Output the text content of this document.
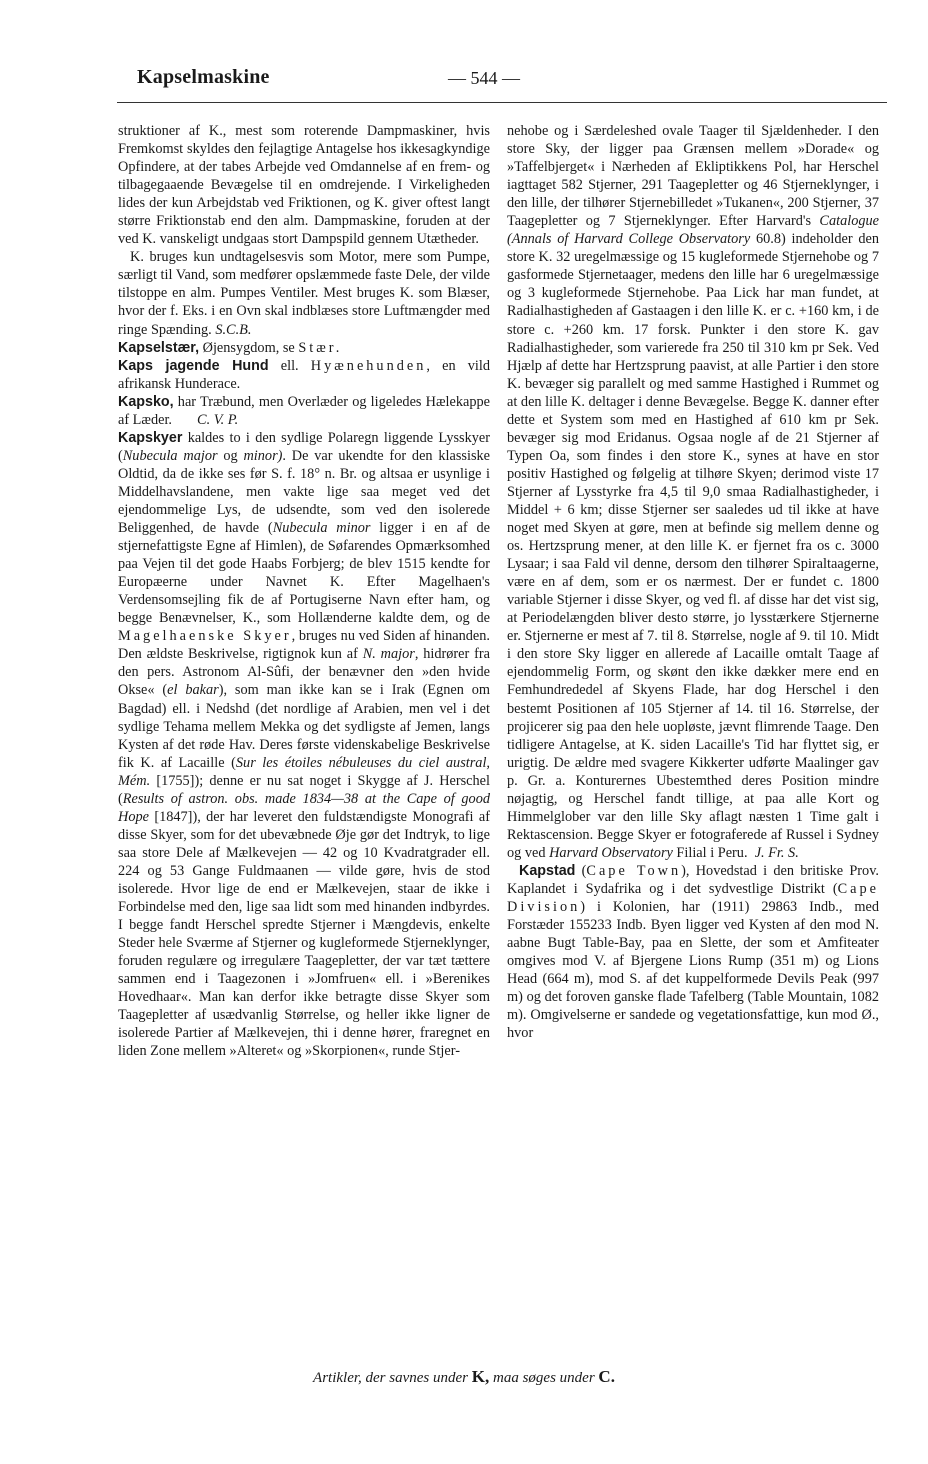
Kapselmaskine	— 544 —

struktioner af K., mest som roterende Dampmaskiner, hvis Fremkomst skyldes den fejlagtige Antagelse hos ikkesagkyndige Opfindere, at der tabes Arbejde ved Omdannelse af en frem- og tilbagegaaende Bevægelse til en omdrejende. I Virkeligheden lides der kun Arbejdstab ved Friktionen, og K. giver oftest langt større Friktionstab end den alm. Dampmaskine, foruden at der ved K. vanskeligt undgaas stort Dampspild gennem Utætheder.

K. bruges kun undtagelsesvis som Motor, mere som Pumpe, særligt til Vand, som medfører opslæmmede faste Dele, der vilde tilstoppe en alm. Pumpes Ventiler. Mest bruges K. som Blæser, hvor der f. Eks. i en Ovn skal indblæses store Luftmængder med ringe Spænding. S.C.B.

Kapselstær, Øjensygdom, se Stær.

Kaps jagende Hund ell. Hyænehunden, en vild afrikansk Hunderace.

Kapsko, har Træbund, men Overlæder og ligeledes Hælekappe af Læder. C. V. P.

Kapskyer kaldes to i den sydlige Polaregn liggende Lysskyer (Nubecula major og minor). De var ukendte for den klassiske Oldtid, da de ikke ses før S. f. 18° n. Br. og altsaa er usynlige i Middelhavslandene, men vakte lige saa meget ved det ejendommelige Lys, de udsendte, som ved den isolerede Beliggenhed, de havde (Nubecula minor ligger i en af de stjernefattigste Egne af Himlen), de Søfarendes Opmærksomhed paa Vejen til det gode Haabs Forbjerg; de blev 1515 kendte for Europæerne under Navnet K. Efter Magelhaen's Verdensomsejling fik de af Portugiserne Navn efter ham, og begge Benævnelser, K., som Hollænderne kaldte dem, og de Magelhaenske Skyer, bruges nu ved Siden af hinanden. Den ældste Beskrivelse, rigtignok kun af N. major, hidrører fra den pers. Astronom Al-Sûfi, der benævner den »den hvide Okse« (el bakar), som man ikke kan se i Irak (Egnen om Bagdad) ell. i Nedshd (det nordlige af Arabien, men vel i det sydlige Tehama mellem Mekka og det sydligste af Jemen, langs Kysten af det røde Hav. Deres første videnskabelige Beskrivelse fik K. af Lacaille (Sur les étoiles nébuleuses du ciel austral, Mém. [1755]); denne er nu sat noget i Skygge af J. Herschel (Results of astron. obs. made 1834—38 at the Cape of good Hope [1847]), der har leveret den fuldstændigste Monografi af disse Skyer, som for det ubevæbnede Øje gør det Indtryk, to lige saa store Dele af Mælkevejen — 42 og 10 Kvadratgrader ell. 224 og 53 Gange Fuldmaanen — vilde gøre, hvis de stod isolerede. Hvor lige de end er Mælkevejen, staar de ikke i Forbindelse med den, lige saa lidt som med hinanden indbyrdes. I begge fandt Herschel spredte Stjerner i Mængdevis, enkelte Steder hele Sværme af Stjerner og kugleformede Stjerneklynger, foruden regulære og irregulære Taagepletter, der var tæt tættere sammen end i Taagezonen i »Jomfruen« ell. i »Berenikes Hovedhaar«. Man kan derfor ikke betragte disse Skyer som Taagepletter af usædvanlig Størrelse, og heller ikke ligner de isolerede Partier af Mælkevejen, thi i denne hører, fraregnet en liden Zone mellem »Alteret« og »Skorpionen«, runde Stjer-

nehobe og i Særdeleshed ovale Taager til Sjældenheder. I den store Sky, der ligger paa Grænsen mellem »Dorade« og »Taffelbjerget« i Nærheden af Ekliptikkens Pol, har Herschel iagttaget 582 Stjerner, 291 Taagepletter og 46 Stjerneklynger, i den lille, der tilhører Stjernebilledet »Tukanen«, 200 Stjerner, 37 Taagepletter og 7 Stjerneklynger. Efter Harvard's Catalogue (Annals of Harvard College Observatory 60.8) indeholder den store K. 32 uregelmæssige og 15 kugleformede Stjernehobe og 7 gasformede Stjernetaager, medens den lille har 6 uregelmæssige og 3 kugleformede Stjernehobe. Paa Lick har man fundet, at Radialhastigheden af Gastaagen i den lille K. er c. +160 km, i de store c. +260 km. 17 forsk. Punkter i den store K. gav Radialhastigheder, som varierede fra 250 til 310 km pr Sek. Ved Hjælp af dette har Hertzsprung paavist, at alle Partier i den store K. bevæger sig parallelt og med samme Hastighed i Rummet og at den lille K. deltager i denne Bevægelse. Begge K. danner efter dette et System som med en Hastighed af 610 km pr Sek. bevæger sig mod Eridanus. Ogsaa nogle af de 21 Stjerner af Typen Oa, som findes i den store K., synes at have en stor positiv Hastighed og følgelig at tilhøre Skyen; derimod viste 17 Stjerner af Lysstyrke fra 4,5 til 9,0 smaa Radialhastigheder, i Middel + 6 km; disse Stjerner ser saaledes ud til ikke at have noget med Skyen at gøre, men at befinde sig mellem denne og os. Hertzsprung mener, at den lille K. er fjernet fra os c. 3000 Lysaar; i saa Fald vil denne, dersom den tilhører Spiraltaagerne, være en af dem, som er os nærmest. Der er fundet c. 1800 variable Stjerner i disse Skyer, og ved fl. af disse har det vist sig, at Periodelængden bliver desto større, jo lysstærkere Stjernerne er. Stjernerne er mest af 7. til 8. Størrelse, nogle af 9. til 10. Midt i den store Sky ligger en allerede af Lacaille omtalt Taage af ejendommelig Form, og skønt den ikke dækker mere end en Femhundrededel af Skyens Flade, har dog Herschel i den bestemt Positionen af 105 Stjerner af 14. til 16. Størrelse, der projicerer sig paa den hele uopløste, jævnt flimrende Taage. Den tidligere Antagelse, at K. siden Lacaille's Tid har flyttet sig, er urigtig. De ældre med svagere Kikkerter udførte Maalinger gav p. Gr. a. Konturernes Ubestemthed deres Position mindre nøjagtig, og Herschel fandt tillige, at paa alle Kort og Himmelglober var den lille Sky aflagt næsten 1 Time galt i Rektascension. Begge Skyer er fotograferede af Russel i Sydney og ved Harvard Observatory Filial i Peru. J. Fr. S.

Kapstad (Cape Town), Hovedstad i den britiske Prov. Kaplandet i Sydafrika og i det sydvestlige Distrikt (Cape Division) i Kolonien, har (1911) 29863 Indb., med Forstæder 155233 Indb. Byen ligger ved Kysten af den mod N. aabne Bugt Table-Bay, paa en Slette, der som et Amfiteater omgives mod V. af Bjergene Lions Rump (351 m) og Lions Head (664 m), mod S. af det kuppelformede Devils Peak (997 m) og det foroven ganske flade Tafelberg (Table Mountain, 1082 m). Omgivelserne er sandede og vegetationsfattige, kun mod Ø., hvor

Artikler, der savnes under K, maa søges under C.
